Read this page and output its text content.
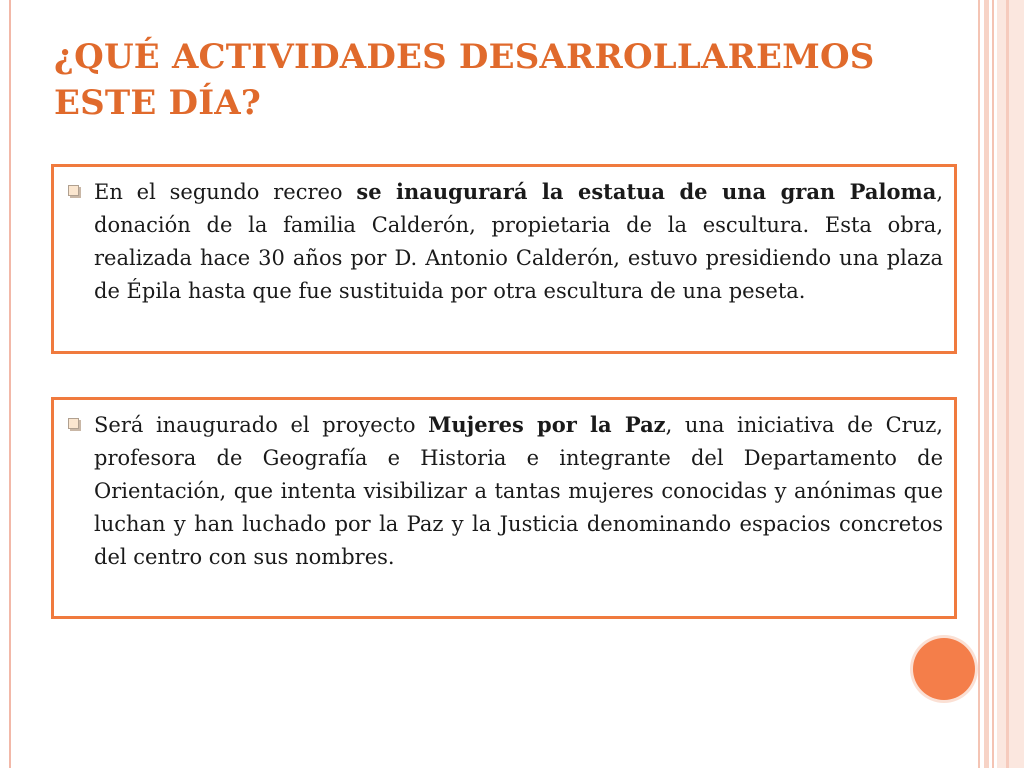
¿QUÉ ACTIVIDADES DESARROLLAREMOS
ESTE DÍA?

En el segundo recreo se inaugurará la estatua de una gran Paloma, donación de la familia Calderón, propietaria de la escultura. Esta obra, realizada hace 30 años por D. Antonio Calderón, estuvo presidiendo una plaza de Épila hasta que fue sustituida por otra escultura de una peseta.

Será inaugurado el proyecto Mujeres por la Paz, una iniciativa de Cruz, profesora de Geografía e Historia e integrante del Departamento de Orientación, que intenta visibilizar a tantas mujeres conocidas y anónimas que luchan y han luchado por la Paz y la Justicia denominando espacios concretos del centro con sus nombres.
